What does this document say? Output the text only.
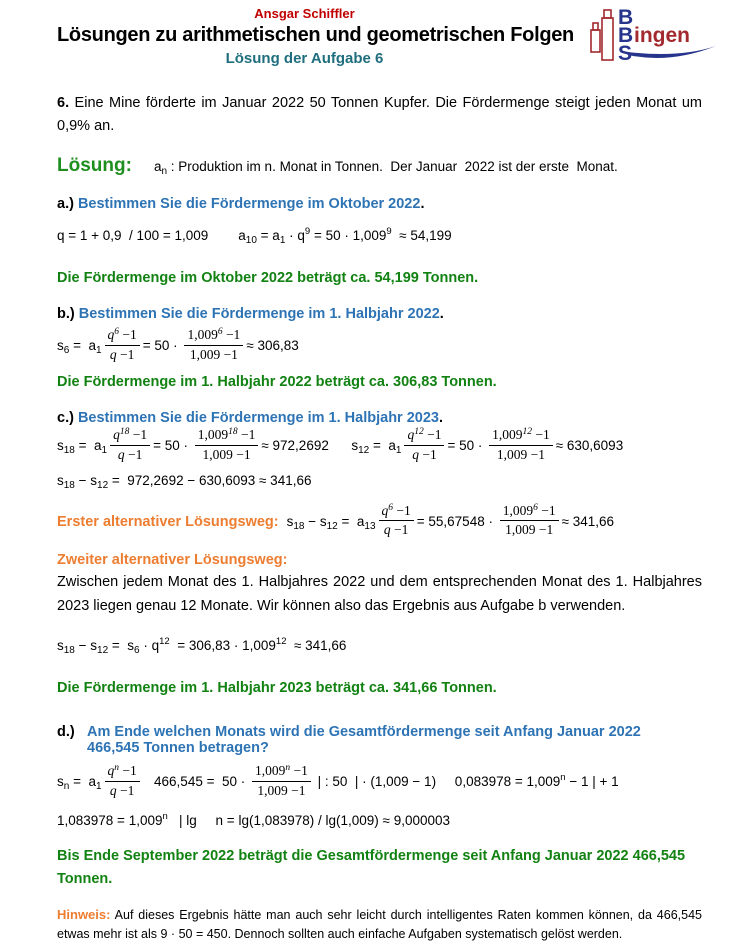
Ansgar Schiffler
Lösungen zu arithmetischen und geometrischen Folgen
Lösung der Aufgabe 6
B
B
S
ingen
6. Eine Mine förderte im Januar 2022 50 Tonnen Kupfer. Die Fördermenge steigt jeden Monat um 0,9% an.
Lösung: $a_n$ : Produktion im n. Monat in Tonnen.  Der Januar  2022 ist der erste  Monat.
a.) Bestimmen Sie die Fördermenge im Oktober 2022.
q = 1 + 0,9  / 100 = 1,009 $a_{10} = a_1 \cdot q^9 = 50 \cdot 1,009^9 \approx 54,199$
Die Fördermenge im Oktober 2022 beträgt ca. 54,199 Tonnen.
b.) Bestimmen Sie die Fördermenge im 1. Halbjahr 2022.
$s_6 = a_1 \frac{q^6 -1}{q -1} = 50 \cdot \frac{1,009^6 -1}{1,009 -1} \approx 306,83$
Die Fördermenge im 1. Halbjahr 2022 beträgt ca. 306,83 Tonnen.
c.) Bestimmen Sie die Fördermenge im 1. Halbjahr 2023.
$s_{18} = a_1 \frac{q^{18} -1}{q -1} = 50 \cdot \frac{1,009^{18} -1}{1,009 -1} \approx 972,2692$ $s_{12} = a_1 \frac{q^{12} -1}{q -1} = 50 \cdot \frac{1,009^{12} -1}{1,009 -1} \approx 630,6093$
$s_{18} - s_{12} = 972,2692 - 630,6093 \approx 341,66$
Erster alternativer Lösungsweg: $s_{18} - s_{12} = a_{13} \frac{q^6 -1}{q -1} = 55,67548 \cdot \frac{1,009^6 -1}{1,009 -1} \approx 341,66$
Zweiter alternativer Lösungsweg:
Zwischen jedem Monat des 1. Halbjahres 2022 und dem entsprechenden Monat des 1. Halbjahres 2023 liegen genau 12 Monate. Wir können also das Ergebnis aus Aufgabe b verwenden.
$s_{18} - s_{12} = s_6 \cdot q^{12} = 306,83 \cdot 1,009^{12} \approx 341,66$
Die Fördermenge im 1. Halbjahr 2023 beträgt ca. 341,66 Tonnen.
d.) Am Ende welchen Monats wird die Gesamtfördermenge seit Anfang Januar 2022
466,545 Tonnen betragen?
$s_n = a_1 \frac{q^n -1}{q -1} 466,545 = 50 \cdot \frac{1,009^n -1}{1,009 -1}$ | : 50  | · (1,009 − 1)     $0,083978 = 1,009^n - 1$ | + 1
$1,083978 = 1,009^n$   | lg     n = lg(1,083978) / lg(1,009) ≈ 9,000003
Bis Ende September 2022 beträgt die Gesamtfördermenge seit Anfang Januar 2022 466,545 Tonnen.
Hinweis: Auf dieses Ergebnis hätte man auch sehr leicht durch intelligentes Raten kommen können, da 466,545 etwas mehr ist als 9 · 50 = 450. Dennoch sollten auch einfache Aufgaben systematisch gelöst werden.
